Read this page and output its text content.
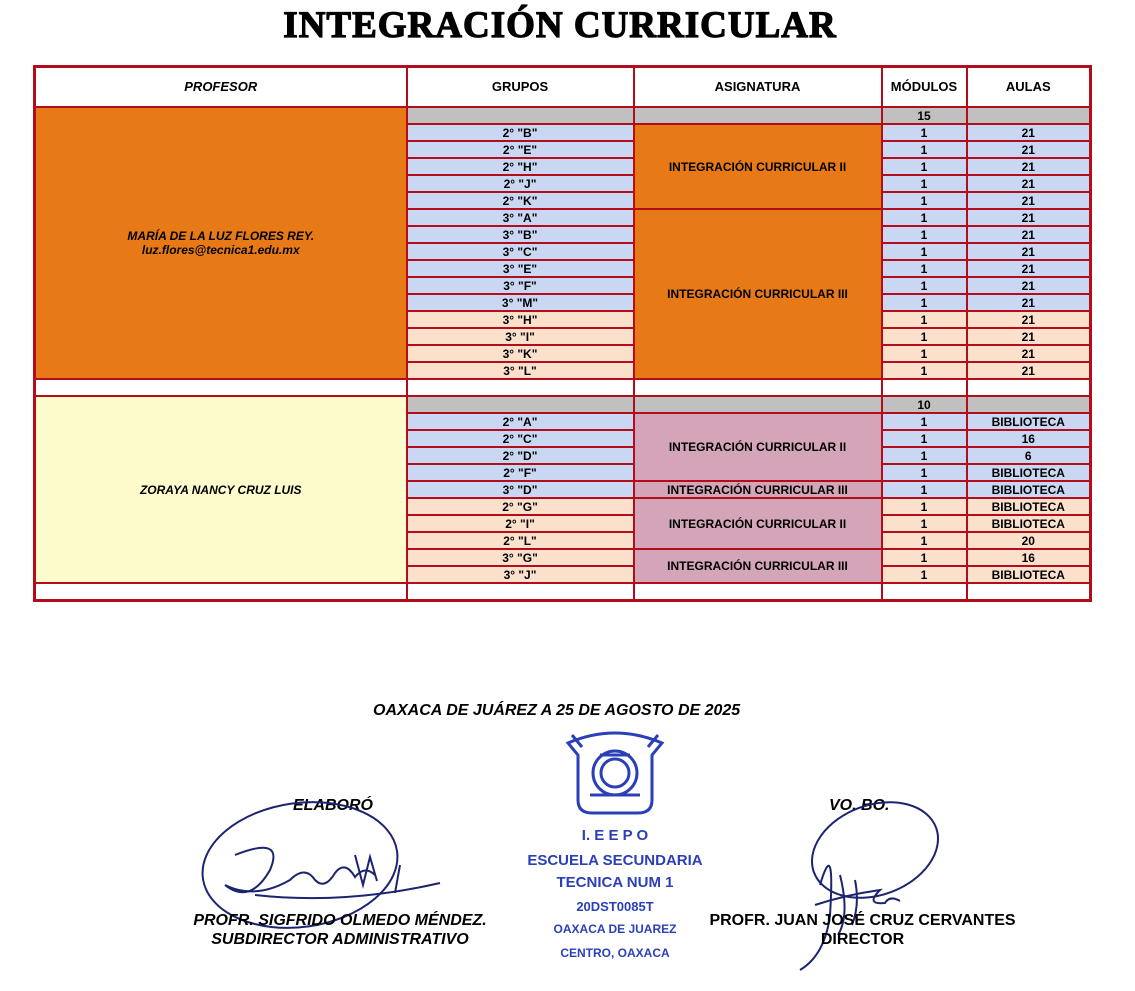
INTEGRACIÓN CURRICULAR
PROFESOR	GRUPOS	ASIGNATURA	MÓDULOS	AULAS

MARÍA DE LA LUZ FLORES REY.
luz.flores@tecnica1.edu.mx			15	
	2° "B"	INTEGRACIÓN CURRICULAR II	1	21
	2° "E"		1	21
	2° "H"		1	21
	2° "J"		1	21
	2° "K"		1	21
	3° "A"	INTEGRACIÓN CURRICULAR III	1	21
	3° "B"		1	21
	3° "C"		1	21
	3° "E"		1	21
	3° "F"		1	21
	3° "M"		1	21
	3° "H"		1	21
	3° "I"		1	21
	3° "K"		1	21
	3° "L"		1	21

ZORAYA NANCY CRUZ LUIS			10	
	2° "A"	INTEGRACIÓN CURRICULAR II	1	BIBLIOTECA
	2° "C"		1	16
	2° "D"		1	6
	2° "F"		1	BIBLIOTECA
	3° "D"	INTEGRACIÓN CURRICULAR III	1	BIBLIOTECA
	2° "G"	INTEGRACIÓN CURRICULAR II	1	BIBLIOTECA
	2° "I"		1	BIBLIOTECA
	2° "L"		1	20
	3° "G"	INTEGRACIÓN CURRICULAR III	1	16
	3° "J"		1	BIBLIOTECA

OAXACA DE JUÁREZ A 25 DE AGOSTO DE 2025
I. E E P O
ESCUELA SECUNDARIA
TECNICA NUM 1
20DST0085T
OAXACA DE JUAREZ
CENTRO, OAXACA
ELABORÓ	VO. BO.
PROFR. SIGFRIDO OLMEDO MÉNDEZ.
SUBDIRECTOR ADMINISTRATIVO
PROFR. JUAN JOSÉ CRUZ CERVANTES
DIRECTOR
